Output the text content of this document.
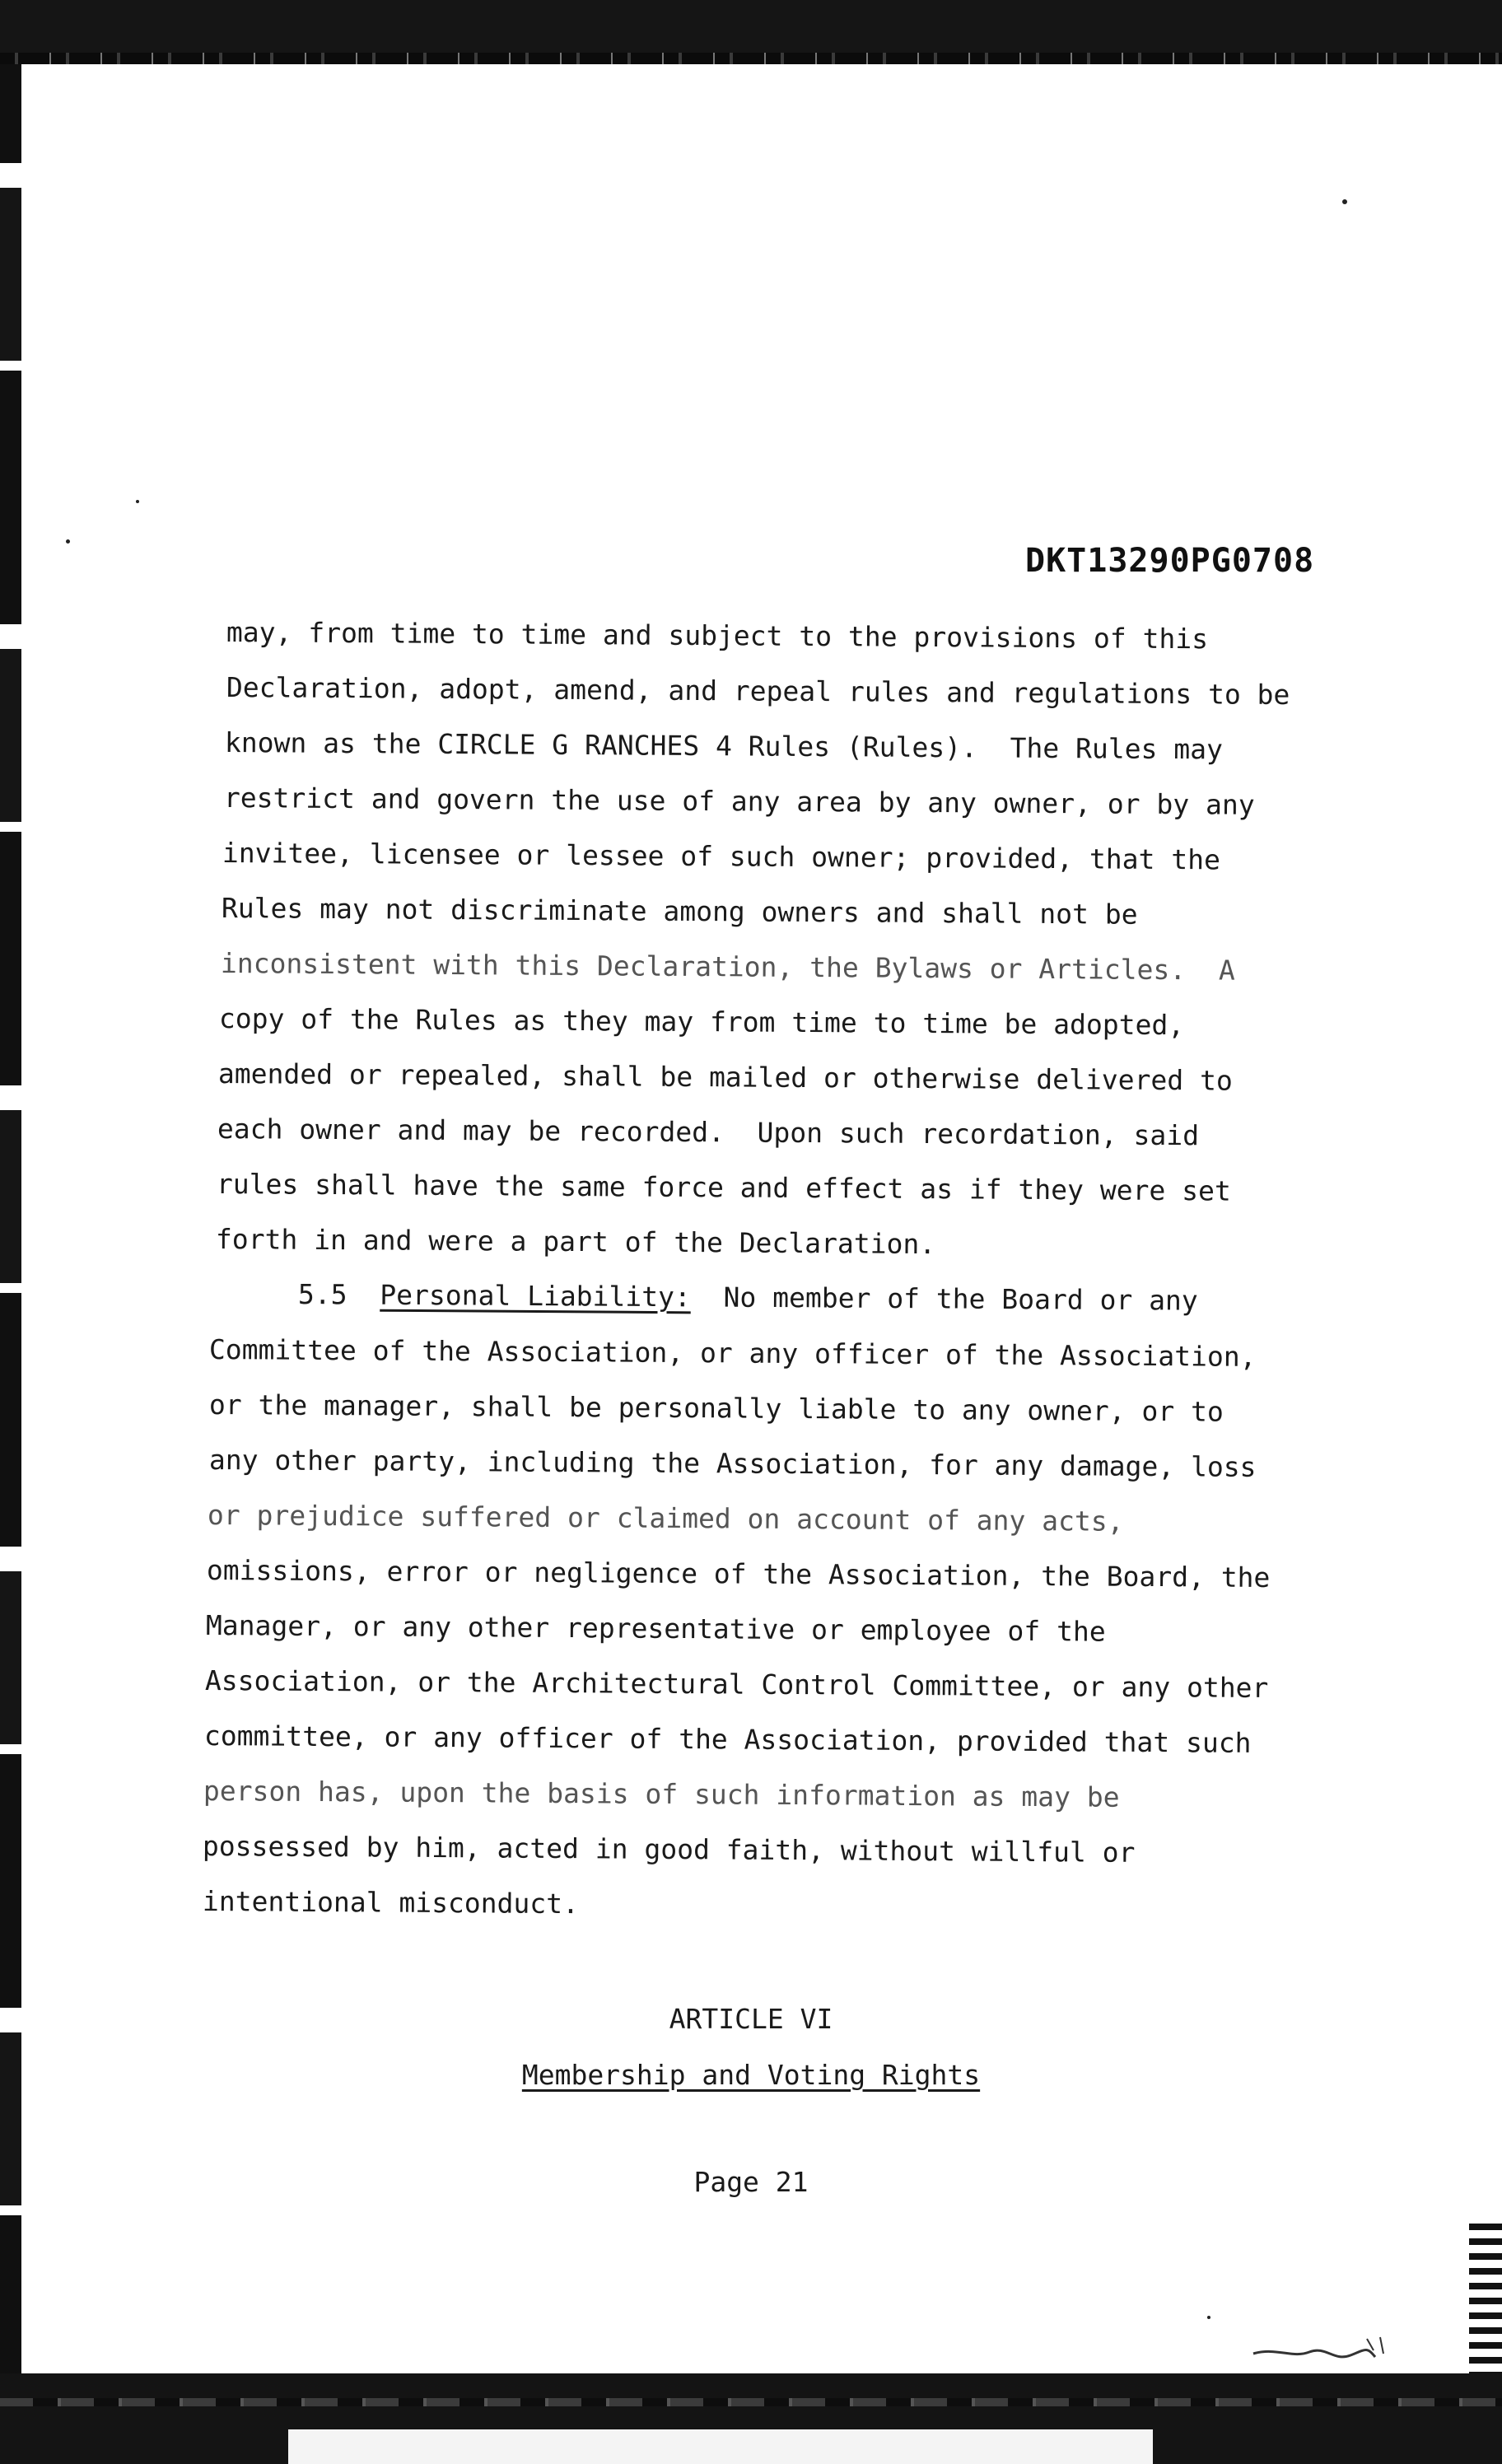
DKT13290PG0708
may, from time to time and subject to the provisions of this
Declaration, adopt, amend, and repeal rules and regulations to be
known as the CIRCLE G RANCHES 4 Rules (Rules).  The Rules may
restrict and govern the use of any area by any owner, or by any
invitee, licensee or lessee of such owner; provided, that the
Rules may not discriminate among owners and shall not be
inconsistent with this Declaration, the Bylaws or Articles.  A
copy of the Rules as they may from time to time be adopted,
amended or repealed, shall be mailed or otherwise delivered to
each owner and may be recorded.  Upon such recordation, said
rules shall have the same force and effect as if they were set
forth in and were a part of the Declaration.
5.5 Personal Liability: No member of the Board or any
Committee of the Association, or any officer of the Association,
or the manager, shall be personally liable to any owner, or to
any other party, including the Association, for any damage, loss
or prejudice suffered or claimed on account of any acts,
omissions, error or negligence of the Association, the Board, the
Manager, or any other representative or employee of the
Association, or the Architectural Control Committee, or any other
committee, or any officer of the Association, provided that such
person has, upon the basis of such information as may be
possessed by him, acted in good faith, without willful or
intentional misconduct.
ARTICLE VI
Membership and Voting Rights
Page 21
